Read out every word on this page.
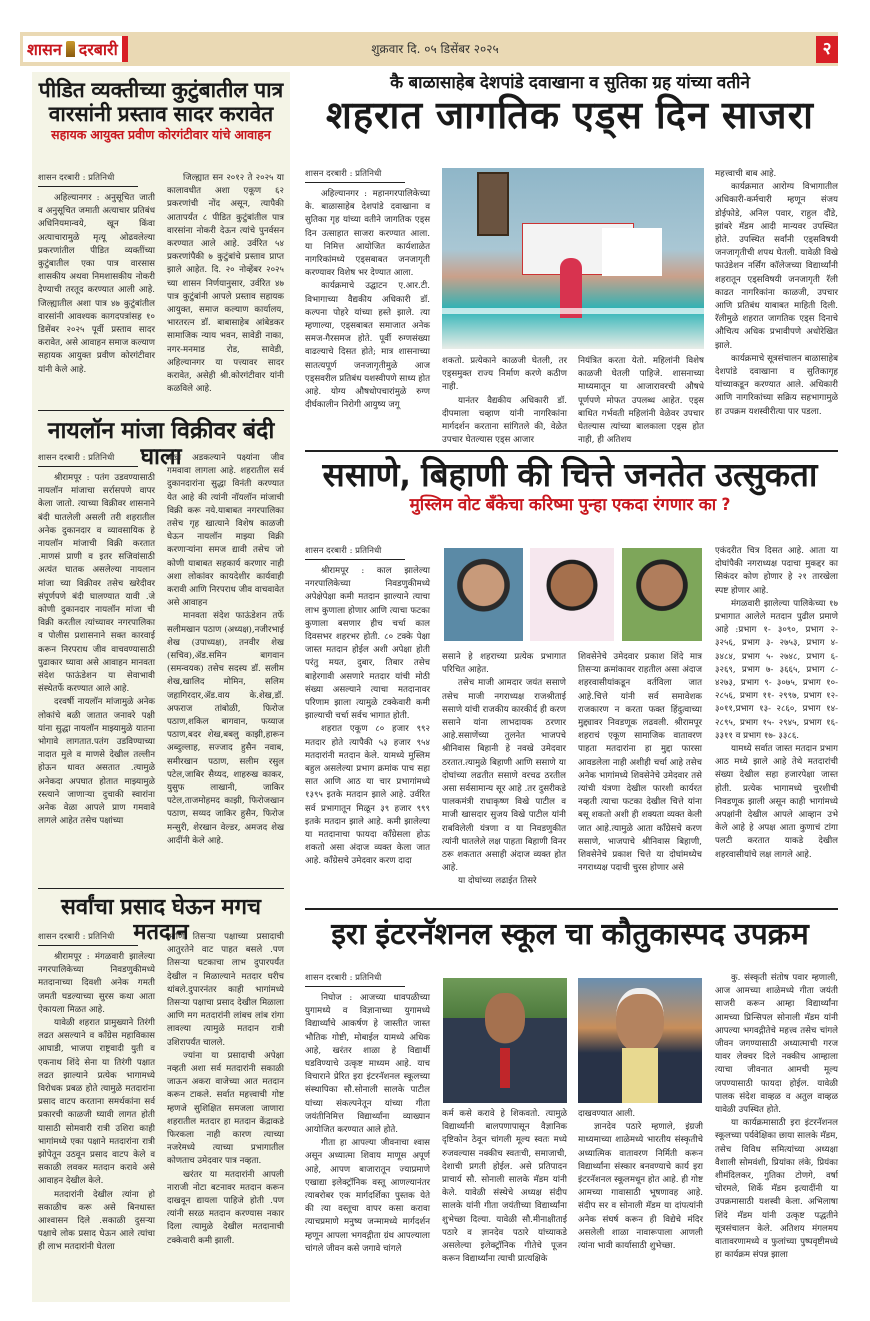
शासन दरबारी	शुक्रवार दि. ०५ डिसेंबर २०२५	२
पीडित व्यक्तीच्या कुटुंबातील पात्र
वारसांनी प्रस्ताव सादर करावेत
सहायक आयुक्त प्रवीण कोरगंटीवार यांचे आवाहन
शासन दरबारी : प्रतिनिधी

अहिल्यानगर : अनुसूचित जाती व अनुसूचित जमाती अत्याचार प्रतिबंध अधिनियमान्वये, खून किंवा अत्याचारामुळे मृत्यू ओढवलेल्या प्रकरणांतील पीडित व्यक्तींच्या कुटुंबातील एका पात्र वारसास शासकीय अथवा निमशासकीय नोकरी देण्याची तरतूद करण्यात आली आहे. जिल्ह्यातील अशा पात्र ४७ कुटुंबांतील वारसांनी आवश्यक कागदपत्रांसह १० डिसेंबर २०२५ पूर्वी प्रस्ताव सादर करावेत, असे आवाहन समाज कल्याण सहायक आयुक्त प्रवीण कोरगंटीवार यांनी केले आहे.

जिल्ह्यात सन २०१२ ते २०२५ या कालावधीत अशा एकूण ६२ प्रकरणांची नोंद असून, त्यापैकी आतापर्यंत ८ पीडित कुटुंबांतील पात्र वारसांना नोकरी देऊन त्यांचे पुनर्वसन करण्यात आले आहे. उर्वरित ५४ प्रकरणांपैकी ७ कुटुंबांचे प्रस्ताव प्राप्त झाले आहेत. दि. २० नोव्हेंबर २०२५ च्या शासन निर्णयानुसार, उर्वरित ४७ पात्र कुटुंबांनी आपले प्रस्ताव सहायक आयुक्त, समाज कल्याण कार्यालय, भारतरत्न डॉ. बाबासाहेब आंबेडकर सामाजिक न्याय भवन, सावेडी नाका, नगर-मनमाड रोड, सावेडी, अहिल्यानगर या पत्त्यावर सादर करावेत, असेही श्री.कोरगंटीवार यांनी कळविले आहे.

नायलॉन मांजा विक्रीवर बंदी घाला
शासन दरबारी : प्रतिनिधी

श्रीरामपूर : पतंग उडवण्यासाठी नायलॉन मांजाचा सर्रासपणे वापर केला जातो. त्याच्या विक्रीवर शासनाने बंदी घातलेली असली तरी शहरातील अनेक दुकानदार व व्यावसायिक हे नायलॉन मांजाची विक्री करतात .माणसं प्राणी व इतर सजिवांसाठी अत्यंत घातक असलेल्या नायलान मांजा च्या विक्रीवर तसेच खरेदीवर संपूर्णपणे बंदी घालण्यात यावी .जे कोणी दुकानदार नायलॉन मांजा ची विक्री करतील त्यांच्यावर नगरपालिका व पोलीस प्रशासनाने सक्त कारवाई करून निरपराध जीव वाचवण्यासाठी पुढाकार घ्यावा असे आवाहन मानवता संदेश फाऊंडेशन या सेवाभावी संस्थेतर्फे करण्यात आले आहे.

दरवर्षी नायलॉन मांजामुळे अनेक लोकांचे बळी जातात जनावरे पक्षी यांना सुद्धा नायलॉन माझ्यामुळे यातना भोगावे लागतात.पतंग उडविण्याच्या नादात मुले व माणसे देखील तल्लीन होऊन धावत असतात .त्यामुळे अनेकदा अपघात होतात माझ्यामुळे रस्त्याने जाणाऱ्या दुचाकी स्वारांना अनेक वेळा आपले प्राण गमवावे लागले आहेत तसेच पक्षांच्या

पंखा अडकल्याने पक्ष्यांना जीव गमवावा लागला आहे. शहरातील सर्व दुकानदारांना सुद्धा विनंती करण्यात येत आहे की त्यांनी नॉयलॉन मांजाची विक्री करू नये.याबाबत नगरपालिका तसेच गृह खात्याने विशेष काळजी घेऊन नायलॉन माझ्या विक्री करणाऱ्यांना समज द्यावी तसेच जो कोणी याबाबत सहकार्य करणार नाही अशा लोकांवर कायदेशीर कार्यवाही करावी आणि निरपराध जीव वाचवावेत असे आवाहन

मानवता संदेश फाऊंडेशन तर्फे सलीमखान पठाण (अध्यक्ष),नजीरभाई शेख (उपाध्यक्ष), तनवीर शेख (सचिव),ॲड.समिन बागवान (समन्वयक) तसेच सदस्य डॉ. सलीम शेख,खालिद मोमिन, सलिम जहागिरदार,ॲड.वाय के.शेख,डॉ. अफराज तांबोळी, फिरोज पठाण,शकिल बागवान, फय्याज पठाण,बदर शेख,बबलु काझी,हारून अब्दुल्लाह, सज्जाद हुसैन नवाब, समीरखान पठाण, सलीम रसुल पटेल,जाबिर सैय्यद, शाहरुख काकर, युसुफ लाखानी, जाकिर पटेल,ताजमोहमद काझी, फिरोजखान पठाण, सय्यद जाकिर हुसैन, फिरोज मन्सुरी, शेरखान वेल्डर, अमजद शेख आदींनी केले आहे.

सर्वांचा प्रसाद घेऊन मगच मतदान
शासन दरबारी : प्रतिनिधी

श्रीरामपूर : मंगळवारी झालेल्या नगरपालिकेच्या निवडणुकीमध्ये मतदानाच्या दिवशी अनेक गमती जमती घडल्याच्या सुरस कथा आता ऐकायला मिळत आहे.

यावेळी शहरात प्रामुख्याने तिरंगी लढत असल्याने व कॉंग्रेस महाविकास आघाडी, भाजपा राष्ट्रवादी युती व एकनाथ शिंदे सेना या तिरंगी पक्षात लढत झाल्याने प्रत्येक भागामध्ये विरोधक प्रबळ होते त्यामुळे मतदारांना प्रसाद वाटप करताना समर्थकांना सर्व प्रकारची काळजी घ्यावी लागत होती यासाठी सोमवारी रात्री उशिरा काही भागांमध्ये एका पक्षाने मतदारांना रात्री झोपेतून उठवून प्रसाद वाटप केले व सकाळी लवकर मतदान करावे असे आवाहन देखील केले.

मतदारांनी देखील त्यांना हो सकाळीच करू असे बिनधास्त आश्वासन दिले .सकाळी दुसऱ्या पक्षाचे लोक प्रसाद घेऊन आले त्यांचा ही लाभ मतदारांनी घेतला

आणि तिसऱ्या पक्षाच्या प्रसादाची आतुरतेने वाट पाहत बसले .पण तिसऱ्या घटकाचा लाभ दुपारपर्यंत देखील न मिळाल्याने मतदार घरीच थांबले.दुपारनंतर काही भागांमध्ये तिसऱ्या पक्षाचा प्रसाद देखील मिळाला आणि मग मतदारांनी लांबच लांब रांगा लावल्या त्यामुळे मतदान रात्री उशिरापर्यंत चालले.

ज्यांना या प्रसादाची अपेक्षा नव्हती अशा सर्व मतदारांनी सकाळी जाऊन अकरा वाजेच्या आत मतदान करून टाकले. सर्वात महत्त्वाची गोष्ट म्हणजे सुशिक्षित समजला जाणारा शहरातील मतदार हा मतदान केंद्राकडे फिरकला नाही कारण त्याच्या नजरेमध्ये त्याच्या प्रभागातील कोणताच उमेदवार पात्र नव्हता.

खरंतर या मतदारांनी आपली नाराजी नोटा बटनावर मतदान करून दाखवून द्यायला पाहिजे होती .पण त्यांनी सरळ मतदान करण्यास नकार दिला त्यामुळे देखील मतदानाची टक्केवारी कमी झाली.

कै बाळासाहेब देशपांडे दवाखाना व सुतिका ग्रह यांच्या वतीने
शहरात जागतिक एड्स दिन साजरा
शासन दरबारी : प्रतिनिधी

अहिल्यानगर : महानगरपालिकेच्या के. बाळासाहेब देशपांडे दवाखाना व सुतिका गृह यांच्या वतीने जागतिक एड्स दिन उत्साहात साजरा करण्यात आला. या निमित्त आयोजित कार्यशाळेत नागरिकांमध्ये एड्सबाबत जनजागृती करण्यावर विशेष भर देण्यात आला.

कार्यक्रमाचे उद्घाटन ए.आर.टी. विभागाच्या वैद्यकीय अधिकारी डॉ. कल्पना पोहरे यांच्या हस्ते झाले. त्या म्हणाल्या, एड्सबाबत समाजात अनेक समज-गैरसमज होते. पूर्वी रुग्णसंख्या वाढल्याचे दिसत होते; मात्र शासनाच्या सातत्यपूर्ण जनजागृतीमुळे आज एड्सवरील प्रतिबंध यशस्वीपणे साध्य होत आहे. योग्य औषधोपचारांमुळे रुग्ण दीर्घकालीन निरोगी आयुष्य जगू

शकतो. प्रत्येकाने काळजी घेतली, तर एड्समुक्त राज्य निर्माण करणे कठीण नाही.

यानंतर वैद्यकीय अधिकारी डॉ. दीपमाला चव्हाण यांनी नागरिकांना मार्गदर्शन करताना सांगितले की, वेळेत उपचार घेतल्यास एड्स आजार

नियंत्रित करता येतो. महिलांनी विशेष काळजी घेतली पाहिजे. शासनाच्या माध्यमातून या आजारावरची औषधे पूर्णपणे मोफत उपलब्ध आहेत. एड्स बाधित गर्भवती महिलांनी वेळेवर उपचार घेतल्यास त्यांच्या बालकाला एड्स होत नाही, ही अतिशय

महत्त्वाची बाब आहे.

कार्यक्रमात आरोग्य विभागातील अधिकारी-कर्मचारी म्हणून संजय डोईफोडे, अनिल पवार, राहुल दौंडे, झांबरे मॅडम आदी मान्यवर उपस्थित होते. उपस्थित सर्वांनी एड्सविषयी जनजागृतीची शपथ घेतली. यावेळी विखे फाउंडेशन नर्सिंग कॉलेजच्या विद्यार्थ्यांनी शहरातून एड्सविषयी जनजागृती रॅली काढत नागरिकांना काळजी, उपचार आणि प्रतिबंध याबाबत माहिती दिली. रॅलीमुळे शहरात जागतिक एड्स दिनाचे औचित्य अधिक प्रभावीपणे अधोरेखित झाले.

कार्यक्रमाचे सूत्रसंचालन बाळासाहेब देशपांडे दवाखाना व सुतिकागृह यांच्याकडून करण्यात आले. अधिकारी आणि नागरिकांच्या सक्रिय सहभागामुळे हा उपक्रम यशस्वीरीत्या पार पडला.

ससाणे, बिहाणी की चित्ते जनतेत उत्सुकता
मुस्लिम वोट बँकेचा करिष्मा पुन्हा एकदा रंगणार का ?
शासन दरबारी : प्रतिनिधी

श्रीरामपूर : काल झालेल्या नगरपालिकेच्या निवडणुकीमध्ये अपेक्षेपेक्षा कमी मतदान झाल्याने त्याचा लाभ कुणाला होणार आणि त्याचा फटका कुणाला बसणार हीच चर्चा काल दिवसभर शहरभर होती. ८० टक्के पेक्षा जास्त मतदान होईल अशी अपेक्षा होती परंतु मयत, दुबार, तिबार तसेच बाहेरगावी असणारे मतदार यांची मोठी संख्या असल्याने त्याचा मतदानावर परिणाम झाला त्यामुळे टक्केवारी कमी झाल्याची चर्चा सर्वच भागात होती.

शहरात एकूण ८० हजार ९९२ मतदार होते त्यापैकी ५३ हजार ९५४ मतदारांनी मतदान केले. यामध्ये मुस्लिम बहुल असलेल्या प्रभाग क्रमांक पाच सहा सात आणि आठ या चार प्रभागांमध्ये १३९५ इतके मतदान झाले आहे. उर्वरित सर्व प्रभागातून मिळून ३९ हजार ९९९ इतके मतदान झाले आहे. कमी झालेल्या या मतदानाचा फायदा कॉंग्रेसला होऊ शकतो असा अंदाज व्यक्त केला जात आहे. कॉंग्रेसचे उमेदवार करण दादा

ससाने हे शहराच्या प्रत्येक प्रभागात परिचित आहेत.

तसेच माजी आमदार जयंत ससाणे तसेच माजी नगराध्यक्ष राजश्रीताई ससाणे यांची राजकीय कारकीर्द ही करण ससाने यांना लाभदायक ठरणार आहे.ससाणेंच्या तुलनेत भाजपचे श्रीनिवास बिहानी हे नवखे उमेदवार ठरतात.त्यामुळे बिहाणी आणि ससाणे या दोघांच्या लढतीत ससाणे वरचढ ठरतील असा सर्वसामान्य सूर आहे .तर दुसरीकडे पालकमंत्री राधाकृष्ण विखे पाटील व माजी खासदार सुजय विखे पाटील यांनी राबविलेली यंत्रणा व या निवडणुकीत त्यांनी घातलेले लक्ष पाहता बिहाणी विनर ठरू शकतात असाही अंदाज व्यक्त होत आहे.

या दोघांच्या लढाईत तिसरे

शिवसेनेचे उमेदवार प्रकाश शिंदे मात्र तिसऱ्या क्रमांकावर राहतील असा अंदाज शहरवासीयांकडून वर्तविला जात आहे.चित्ते यांनी सर्व समावेशक राजकारण न करता फक्त हिंदुत्वाच्या मुद्द्यावर निवडणूक लढवली. श्रीरामपूर शहराचं एकूण सामाजिक वातावरण पाहता मतदारांना हा मुद्दा फारसा आवडलेला नाही अशीही चर्चा आहे तसेच अनेक भागांमध्ये शिवसेनेचे उमेदवार तसे त्यांची यंत्रणा देखील फारशी कार्यरत नव्हती त्याचा फटका देखील चित्ते यांना बसू शकतो अशी ही शक्यता व्यक्त केली जात आहे.त्यामुळे आता कॉंग्रेसचे करण ससाणे, भाजपाचे श्रीनिवास बिहाणी, शिवसेनेचे प्रकाश चित्ते या दोघांमध्येच नगराध्यक्ष पदाची चुरस होणार असे

एकंदरीत चित्र दिसत आहे. आता या दोघांपैकी नगराध्यक्ष पदाचा मुकद्दर का सिकंदर कोण होणार हे २१ तारखेला स्पष्ट होणार आहे.

मंगळवारी झालेल्या पालिकेच्या १७ प्रभागात आलेले मतदान पुढील प्रमाणे आहे :प्रभाग १- ३०९०, प्रभाग २- ३२५६, प्रभाग ३- २७५३, प्रभाग ४- ३४८४, प्रभाग ५- २७४८, प्रभाग ६- ३२६९, प्रभाग ७- ३६६५, प्रभाग ८- ४२७३, प्रभाग ९- ३०७५, प्रभाग १०- २८५६, प्रभाग ११- २९९७, प्रभाग १२- ३०११,प्रभाग १३- २८६०, प्रभाग १४- २८९५, प्रभाग १५- २९४५, प्रभाग १६- ३३११ व प्रभाग १७- ३३८६.

यामध्ये सर्वात जास्त मतदान प्रभाग आठ मध्ये झाले आहे तेथे मतदारांची संख्या देखील सहा हजारपेक्षा जास्त होती. प्रत्येक भागामध्ये चुरशीची निवडणूक झाली असून काही भागांमध्ये अपक्षांनी देखील आपले आव्हान उभे केले आहे हे अपक्ष आता कुणाचं टांगा पलटी करतात याकडे देखील शहरवासीयांचे लक्ष लागले आहे.

इरा इंटरनॅशनल स्कूल चा कौतुकास्पद उपक्रम
शासन दरबारी : प्रतिनिधी

निघोज : आजच्या धावपळीच्या युगामध्ये व विज्ञानाच्या युगामध्ये विद्यार्थ्यांचे आकर्षण हे जास्तीत जास्त भौतिक गोष्टी, मोबाईल यामध्ये अधिक आहे, खरंतर शाळा हे विद्यार्थी घडविण्याचे उत्कृष्ट माध्यम आहे. याच विचाराने प्रेरित इरा इंटरनॅशनल स्कूलच्या संस्थापिका सौ.सोनाली सालके पाटील यांच्या संकल्पनेतून यांच्या गीता जयंतीनिमित्त विद्यार्थ्यांना व्याख्यान आयोजित करण्यात आले होते.

गीता हा आपल्या जीवनाचा श्वास असून अध्यात्मा शिवाय माणूस अपूर्ण आहे, आपण बाजारातून ज्याप्रमाणे एखाद्या इलेक्ट्रॉनिक वस्तू आणल्यानंतर त्याबरोबर एक मार्गदर्शिका पुस्तक येते की त्या वस्तूचा वापर कसा करावा त्याचप्रमाणे मनुष्य जन्मामध्ये मार्गदर्शन म्हणून आपला भगवद्गीता ग्रंथ आपल्याला चांगले जीवन कसे जगावे चांगले

कर्म कसे करावे हे शिकवतो. त्यामुळे विद्यार्थ्यांनी बालपणापासून वैज्ञानिक दृष्टिकोन ठेवून चांगली मूल्य स्वतः मध्ये रुजवल्यास नक्कीच स्वतःची, समाजाची, देशाची प्रगती होईल. असे प्रतिपादन प्राचार्य सौ. सोनाली सालके मॅडम यांनी केले. यावेळी संस्थेचे अध्यक्ष संदीप सालके यांनी गीता जयंतीच्या विद्यार्थ्यांना शुभेच्छा दिल्या. यावेळी सौ.मीनाक्षीताई पठारे व ज्ञानदेव पठारे यांच्याकडे असलेल्या इलेक्ट्रॉनिक गीतेचे पूजन करून विद्यार्थ्यांना त्याची प्रात्यक्षिके

दाखवण्यात आली.

ज्ञानदेव पठारे म्हणाले, इंग्रजी माध्यमाच्या शाळेमध्ये भारतीय संस्कृतीचे अध्यात्मिक वातावरण निर्मिती करून विद्यार्थ्यांना संस्कार बनवण्याचे कार्य इरा इंटरनॅशनल स्कूलमधून होत आहे. ही गोष्ट आमच्या गावासाठी भूषणावह आहे. संदीप सर व सोनाली मॅडम या दांपत्यांनी अनेक संघर्ष करून ही विद्येचे मंदिर असलेली शाळा नावारूपाला आणली त्यांना भावी कार्यासाठी शुभेच्छा.

कु. संस्कृती संतोष पवार म्हणाली, आज आमच्या शाळेमध्ये गीता जयंती साजरी करून आम्हा विद्यार्थ्यांना आमच्या प्रिन्सिपल सोनाली मॅडम यांनी आपल्या भगवद्गीतेचे महत्त्व तसेच चांगले जीवन जगण्यासाठी अध्यात्माची गरज यावर लेक्चर दिले नक्कीच आम्हाला त्याचा जीवनात आमची मूल्य जपण्यासाठी फायदा होईल. यावेळी पालक संदेश वाव्हळ व अतुल वाव्हळ यावेळी उपस्थित होते.

या कार्यक्रमासाठी इरा इंटरनॅशनल स्कूलच्या पर्यवेक्षिका छाया सालके मॅडम, तसेच विविध समित्यांच्या अध्यक्षा वैशाली सोमवंशी, प्रियांका लंके, प्रियंका शीमंदिलकर, गुतिका टोणगे, वर्षा चोरमले, शिर्के मॅडम इत्यादींनी या उपक्रमासाठी यशस्वी केला. अभिलाषा शिंदे मॅडम यांनी उत्कृष्ट पद्धतीने सूत्रसंचालन केले. अतिशय मंगलमय वातावरणामध्ये व फुलांच्या पुष्पवृष्टीमध्ये हा कार्यक्रम संपन्न झाला
